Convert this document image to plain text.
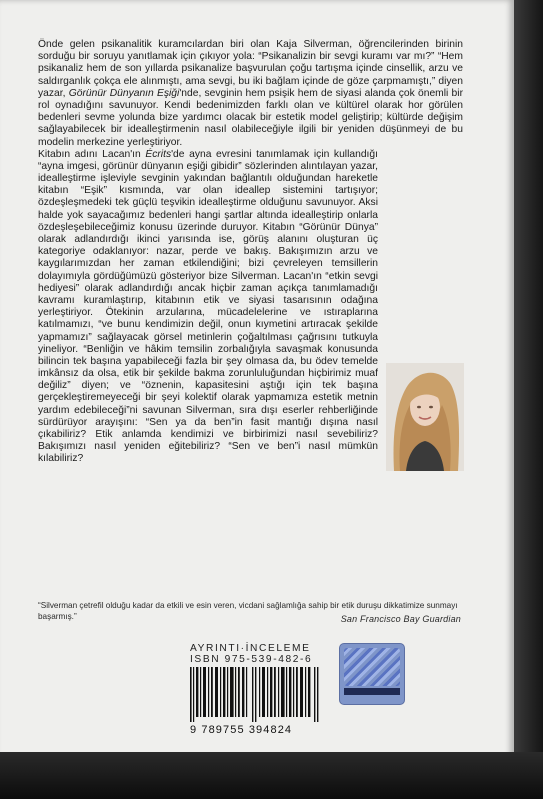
Önde gelen psikanalitik kuramcılardan biri olan Kaja Silverman, öğrencilerinden birinin sorduğu bir soruyu yanıtlamak için çıkıyor yola: “Psikanalizin bir sevgi kuramı var mı?” “Hem psikanaliz hem de son yıllarda psikanalize başvurulan çoğu tartışma içinde cinsellik, arzu ve saldırganlık çokça ele alınmıştı, ama sevgi, bu iki bağlam içinde de göze çarpmamıştı,” diyen yazar, Görünür Dünyanın Eşiği'nde, sevginin hem psişik hem de siyasi alanda çok önemli bir rol oynadığını savunuyor. Kendi bedenimizden farklı olan ve kültürel olarak hor görülen bedenleri sevme yolunda bize yardımcı olacak bir estetik model geliştirip; kültürde değişim sağlayabilecek bir idealleştirmenin nasıl olabileceğiyle ilgili bir yeniden düşünmeyi de bu modelin merkezine yerleştiriyor.

Kitabın adını Lacan'ın Écrits'de ayna evresini tanımlamak için kullandığı “ayna imgesi, görünür dünyanın eşiği gibidir” sözlerinden alıntılayan yazar, idealleştirme işleviyle sevginin yakından bağlantılı olduğundan hareketle kitabın “Eşik” kısmında, var olan ideallер sistemini tartışıyor; özdeşleşmedeki tek güçlü teşvikin idealleştirme olduğunu savunuyor. Aksi halde yok sayacağımız bedenleri hangi şartlar altında idealleştirip onlarla özdeşleşebileceğimiz konusu üzerinde duruyor. Kitabın “Görünür Dünya” olarak adlandırdığı ikinci yarısında ise, görüş alanını oluşturan üç kategoriye odaklanıyor: nazar, perde ve bakış. Bakışımızın arzu ve kaygılarımızdan her zaman etkilendiğini; bizi çevreleyen temsillerin dolayımıyla gördüğümüzü gösteriyor bize Silverman. Lacan'ın “etkin sevgi hediyesi” olarak adlandırdığı ancak hiçbir zaman açıkça tanımlamadığı kavramı kuramlaştırıp, kitabının etik ve siyasi tasarısının odağına yerleştiriyor. Ötekinin arzularına, mücadelelerine ve ıstıraplarına katılmamızı, “ve bunu kendimizin değil, onun kıymetini artıracak şekilde yapmamızı” sağlayacak görsel metinlerin çoğaltılması çağrısını tutkuyla yineliyor. “Benliğin ve hâkim temsilin zorbalığıyla savaşmak konusunda bilincin tek başına yapabileceği fazla bir şey olmasa da, bu ödev temelde imkânsız da olsa, etik bir şekilde bakma zorunluluğundan hiçbirimiz muaf değiliz” diyen; ve “öznenin, kapasitesini aştığı için tek başına gerçekleştiremeyeceği bir şeyi kolektif olarak yapmamıza estetik metnin yardım edebileceği”ni savunan Silverman, sıra dışı eserler rehberliğinde sürdürüyor arayışını: “Sen ya da ben”in fasit mantığı dışına nasıl çıkabiliriz? Etik anlamda kendimizi ve birbirimizi nasıl sevebiliriz? Bakışımızı nasıl yeniden eğitebiliriz? “Sen ve ben”i nasıl mümkün kılabiliriz?

“Silverman çetrefil olduğu kadar da etkili ve esin veren, vicdani sağlamlığa sahip bir etik duruşu dikkatimize sunmayı başarmış.”	San Francisco Bay Guardian
AYRINTI·İNCELEME
ISBN 975-539-482-6
9 789755 394824
